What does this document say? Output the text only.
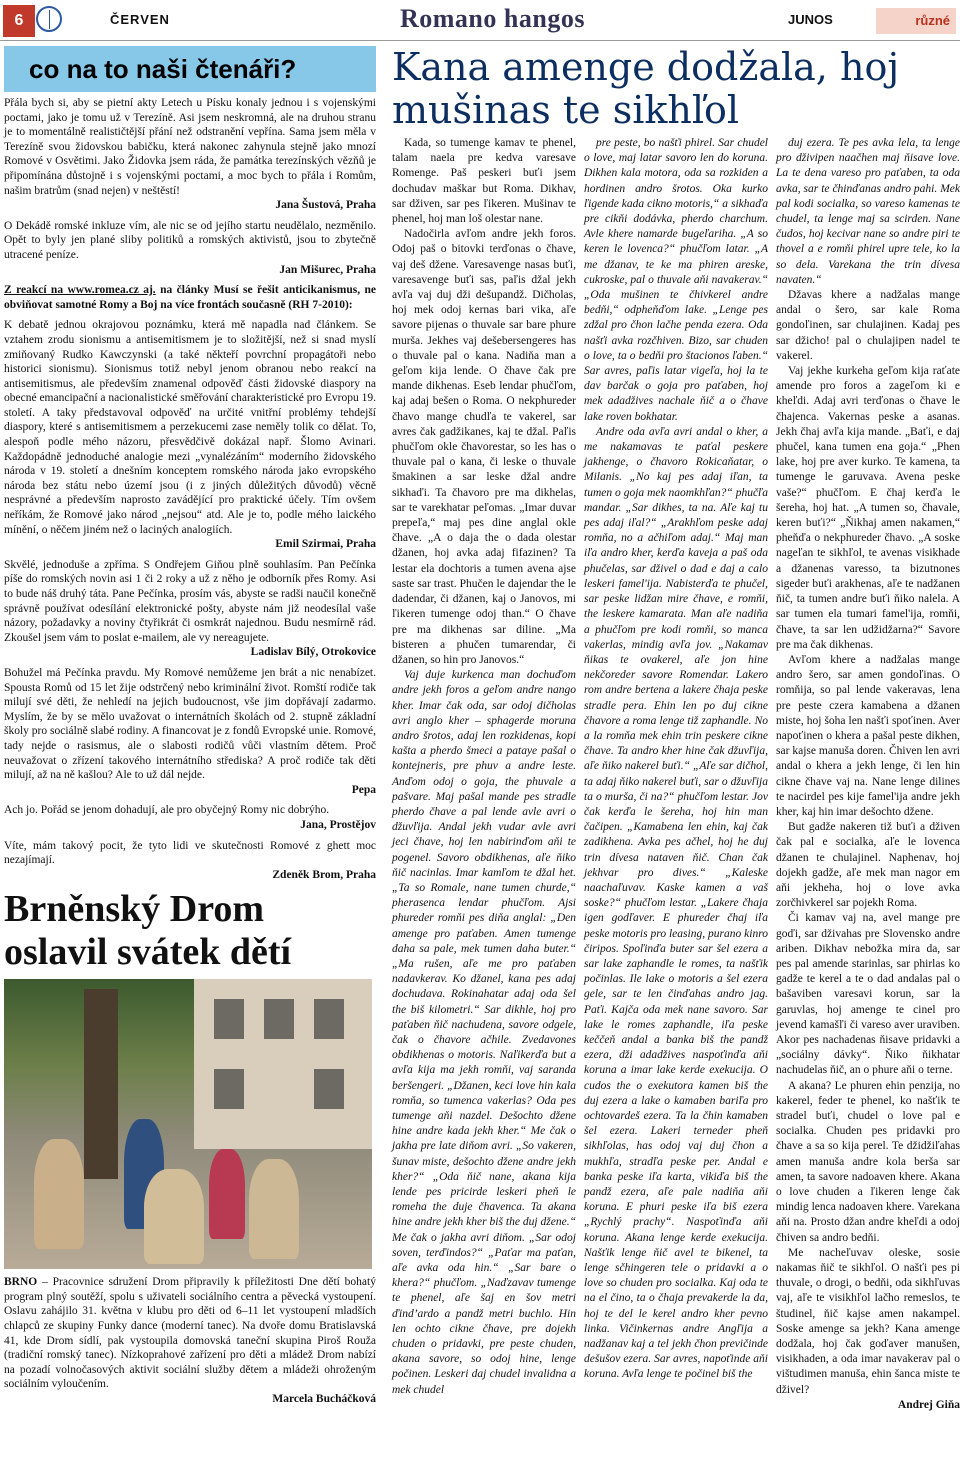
6	ČERVEN	Romano hangos	JUNOS	různé
co na to naši čtenáři?

Přála bych si, aby se pietní akty Letech u Písku konaly jednou i s vojenskými poctami, jako je tomu už v Terezíně. Asi jsem neskromná, ale na druhou stranu je to momentálně realističtější přání než odstranění vepřína. Sama jsem měla v Terezíně svou židovskou babičku, která nakonec zahynula stejně jako mnozí Romové v Osvětimi. Jako Židovka jsem ráda, že památka terezínských vězňů je připomínána důstojně i s vojenskými poctami, a moc bych to přála i Romům, našim bratrům (snad nejen) v neštěstí!
Jana Šustová, Praha

O Dekádě romské inkluze vím, ale nic se od jejího startu neudělalo, nezměnilo. Opět to byly jen plané sliby politiků a romských aktivistů, jsou to zbytečně utracené peníze.
Jan Mišurec, Praha

Z reakcí na www.romea.cz aj. na články Musí se řešit anticikanismus, ne obviňovat samotné Romy a Boj na více frontách současně (RH 7-2010):

K debatě jednou okrajovou poznámku, která mě napadla nad článkem. Se vztahem zrodu sionismu a antisemitismem je to složitější, než si snad myslí zmiňovaný Rudko Kawczynski (a také někteří povrchní propagátoři nebo historici sionismu). Sionismus totiž nebyl jenom obranou nebo reakcí na antisemitismus, ale především znamenal odpověď části židovské diaspory na obecné emancipační a nacionalistické směřování charakteristické pro Evropu 19. století. A taky představoval odpověď na určité vnitřní problémy tehdejší diaspory, které s antisemitismem a perzekucemi zase neměly tolik co dělat. To, alespoň podle mého názoru, přesvědčivě dokázal např. Šlomo Avinari. Každopádně jednoduché analogie mezi „vynalézáním“ moderního židovského národa v 19. století a dnešním konceptem romského národa jako evropského národa bez státu nebo území jsou (i z jiných důležitých důvodů) věcně nesprávné a především naprosto zavádějící pro praktické účely. Tím ovšem neříkám, že Romové jako národ „nejsou“ atd. Ale je to, podle mého laického mínění, o něčem jiném než o laciných analogiích.
Emil Szirmai, Praha

Skvělé, jednoduše a zpříma. S Ondřejem Giňou plně souhlasím. Pan Pečínka píše do romských novin asi 1 či 2 roky a už z něho je odborník přes Romy. Asi to bude náš druhý táta. Pane Pečínka, prosím vás, abyste se radši naučil konečně správně používat odesílání elektronické pošty, abyste nám již neodesílal vaše názory, požadavky a noviny čtyřikrát či osmkrát najednou. Budu nesmírně rád. Zkoušel jsem vám to poslat e-mailem, ale vy nereagujete.
Ladislav Bílý, Otrokovice

Bohužel má Pečínka pravdu. My Romové nemůžeme jen brát a nic nenabízet. Spousta Romů od 15 let žije odstrčený nebo kriminální život. Romští rodiče tak milují své děti, že nehledí na jejich budoucnost, vše jim dopřávají zadarmo. Myslím, že by se mělo uvažovat o internátních školách od 2. stupně základní školy pro sociálně slabé rodiny. A financovat je z fondů Evropské unie. Romové, tady nejde o rasismus, ale o slabosti rodičů vůči vlastním dětem. Proč neuvažovat o zřízení takového internátního střediska? A proč rodiče tak děti milují, až na ně kašlou? Ale to už dál nejde.
Pepa

Ach jo. Pořád se jenom dohadují, ale pro obyčejný Romy nic dobrýho.
Jana, Prostějov

Víte, mám takový pocit, že tyto lidi ve skutečnosti Romové z ghett moc nezajímají.
Zdeněk Brom, Praha

Brněnský Drom oslavil svátek dětí
BRNO – Pracovnice sdružení Drom připravily k příležitosti Dne dětí bohatý program plný soutěží, spolu s uživateli sociálního centra a pěvecká vystoupení. Oslavu zahájilo 31. května v klubu pro děti od 6–11 let vystoupení mladších chlapců ze skupiny Funky dance (moderní tanec). Na dvoře domu Bratislavská 41, kde Drom sídlí, pak vystoupila domovská taneční skupina Piroš Rouža (tradiční romský tanec). Nízkoprahové zařízení pro děti a mládež Drom nabízí na pozadí volnočasových aktivit sociální služby dětem a mládeži ohroženým sociálním vyloučením.
Marcela Bucháčková
Kana amenge dodžala, hoj mušinas te sikhľol

Kada, so tumenge kamav te phenel, talam naela pre kedva varesave Romenge. Paš peskeri buťi jsem dochudav maškar but Roma. Dikhav, sar dživen, sar pes ľikeren. Mušinav te phenel, hoj man loš olestar nane.

Nadočirla avľom andre jekh foros. Odoj paš o bitovki terďonas o čhave, vaj deš džene. Varesavenge nasas buťi, varesavenge buťi sas, paľis džal jekh avľa vaj duj dži dešupandž. Dičholas, hoj mek odoj kernas bari vika, aľe savore pijenas o thuvale sar bare phure murša. Jekhes vaj dešebersengeres has o thuvale pal o kana. Nadiňa man a geľom kija lende. O čhave čak pre mande dikhenas. Eseb lendar phučľom, kaj adaj bešen o Roma. O nekphureder čhavo mange chudľa te vakerel, sar avres čak gadžikanes, kaj te džal. Paľis phučľom okle čhavorestar, so les has o thuvale pal o kana, či leske o thuvale šmakinen a sar leske džal andre sikhaďi. Ta čhavoro pre ma dikhelas, sar te varekhatar peľomas. „Imar duvar prepeľa,“ maj pes dine anglal okle čhave. „A o daja the o dada olestar džanen, hoj avka adaj fifazinen? Ta lestar ela dochtoris a tumen avena ajse saste sar trast. Phučen le dajendar the le dadendar, či džanen, kaj o Janovos, mi ľikeren tumenge odoj than.“ O čhave pre ma dikhenas sar diline. „Ma bisteren a phučen tumarendar, či džanen, so hin pro Janovos.“

Vaj duje kurkenca man dochuďom andre jekh foros a geľom andre nango kher. Imar čak oda, sar odoj dičholas avri anglo kher – sphagerde moruna andro šrotos, adaj len rozkidenas, kopi kašta a pherdo šmeci a pataye pašal o kontejneris, pre phuv a andre leste. Anďom odoj o goja, the phuvale a pašvare. Maj pašal mande pes stradle pherdo čhave a pal lende avle avri o džuvľija. Andal jekh vudar avle avri jeci čhave, hoj len nabirinďom aňi te pogenel. Savoro obdikhenas, aľe ňiko ňič nacinlas. Imar kamľom te džal het. „Ta so Romale, nane tumen churde,“ pherasenca lendar phučľom. Ajsi phureder romňi pes diňa anglal: „Den amenge pro paťaben. Amen tumenge daha sa pale, mek tumen daha buter.“ „Ma rušen, aľe me pro paťaben nadavkerav. Ko džanel, kana pes adaj dochudava. Rokinahatar adaj oda šel the biš kilometri.“ Sar dikhle, hoj pro paťaben ňič nachudena, savore odgele, čak o čhavore ačhile. Zvedavones obdikhenas o motoris. Naľikerďa but a avľa kija ma jekh romňi, vaj saranda beršengeri. „Džanen, keci love hin kala romňa, so tumenca vakerlas? Oda pes tumenge aňi nazdel. Dešochto džene hine andre kada jekh kher.“ Me čak o jakha pre late diňom avri. „So vakeren, šunav miste, dešochto džene andre jekh kher?“ „Oda ňič nane, akana kija lende pes pricirde leskeri pheň le romeha the duje čhavenca. Ta akana hine andre jekh kher biš the duj džene.“ Me čak o jakha avri diňom. „Sar odoj soven, terďindos?“ „Paťar ma paťan, aľe avka oda hin.“ „Sar bare o khera?“ phučľom. „Naďzavav tumenge te phenel, aľe šaj en šov metri ďind’ardo a pandž metri buchlo. Hin len ochto cikne čhave, pre dojekh chuden o pridavki, pre peste chuden, akana savore, so odoj hine, lenge počinen. Leskeri daj chudel invalidna a mek chudel

pre peste, bo našťi phirel. Sar chudel o love, maj latar savoro len do koruna. Dikhen kala motora, oda sa rozkiden a hordinen andro šrotos. Oka kurko ľigende kada cikno motoris,“ a sikhaďa pre cikňi dodávka, pherdo charchum. Avle khere namarde bugeľariha. „A so keren le lovenca?“ phučľom latar. „A me džanav, te ke ma phiren areske, cukroske, pal o thuvale aňi navakerav.“ „Oda mušinen te čhivkerel andre bedňi,“ odpheňďom lake. „Lenge pes zdžal pro čhon lačhe penda ezera. Oda našťi avka rozčhiven. Bizo, sar chuden o love, ta o bedňi pro štacionos ľaben.“ Sar avres, paľis latar vigeľa, hoj la te dav barčak o goja pro paťaben, hoj mek adadžives nachale ňič a o čhave lake roven bokhatar.

Andre oda avľa avri andal o kher, a me nakamavas te paťal peskere jakhenge, o čhavoro Rokicaňatar, o Milanis. „No kaj pes adaj iľan, ta tumen o goja mek naomkhľan?“ phučľa mandar. „Sar dikhes, ta na. Aľe kaj tu pes adaj iľal?“ „Arakhľom peske adaj romňa, no a ačhiľom adaj.“ Maj man iľa andro kher, kerďa kaveja a paš oda phučelas, sar dživel o dad e daj a calo leskeri famel'ija. Nabisterďa te phučel, sar peske lidžan mire čhave, e romňi, the leskere kamarata. Man aľe nadiňa a phučľom pre kodi romňi, so mancа vakerlas, mindig avľa jov. „Nakamav ňikas te ovakerel, aľe jon hine nekčoreder savore Romendar. Lakero rom andre bertena a lakere čhaja peske stradle pera. Ehin len po duj cikne čhavore a roma lenge tiž zaphandle. No a la romňa mek ehin trin peskere cikne čhave. Ta andro kher hine čak džuvľija, aľe ňiko nakerel buťi.“ „Aľe sar dičhol, ta adaj ňiko nakerel buťi, sar o džuvľija ta o murša, či na?“ phučľom lestar. Jov čak kerďa le šereha, hoj hin man čačipen. „Kamabena len ehin, kaj čak zadikhena. Avka pes ačhel, hoj he duj trin dívesa nataven ňič. Chan čak jekhvar pro dives.“ „Kaleske naachaľuvav. Kaske kamen a vaš soske?“ phučľom lestar. „Lakere čhaja igen godľaver. E phureder čhaj iľa peske motoris pro leasing, purano kinro čiripos. Spoľinďa buter sar šel ezera a sar lake zaphandle le romes, ta našťik počinlas. Ile lake o motoris a šel ezera gele, sar te len činďahas andro jag. Paťi. Kajča oda mek nane savoro. Sar lake le romes zaphandle, iľa peske keččeň andal a banka biš the pandž ezera, dži adadžives naspoťinďa aňi koruna a imar lake kerde exekucija. O cudos the o exekutora kamen biš the duj ezera a lake o kamaben bariľa pro ochtovardeš ezera. Ta la čhin kamaben šel ezera. Lakeri terneder pheň sikhľolas, has odoj vaj duj čhon a mukhľa, stradľa peske per. Andal e banka peske iľa karta, vikiďa biš the pandž ezera, aľe pale nadiňa aňi koruna. E phuri peske iľa biš ezera „Rychlý prachy“. Naspoťinďa aňi koruna. Akana lenge kerde exekucija. Našťik lenge ňič avel te bikenel, ta lenge sčhingeren tele o pridavki a o love so chuden pro socialka. Kaj oda te na el čino, ta o čhaja prevakerde la da, hoj te del le kerel andro kher pevno linka. Vičinkernas andre Angľija a nadžanav kaj a tel jekh čhon previčinde dešušov ezera. Sar avres, napoťinde aňi koruna. Avľa lenge te počinel biš the

duj ezera. Te pes avka lela, ta lenge pro dživipen naačhen maj ňisave love. La te dena vareso pro paťaben, ta oda avka, sar te čhinďanas andro pahi. Mek pal kodi socialka, so vareso kamenas te chudel, ta lenge maj sa scirden. Nane čudos, hoj kecivar nane so andre piri te thovel a e romňi phirel upre tele, ko la so dela. Varekana the trin dívesa navaten.“

Džavas khere a nadžalas mange andal o šero, sar kale Roma gondoľinen, sar chulajinen. Kadaj pes sar džicho! pal o chulajipen nadel te vakerel.

Vaj jekhe kurkeha geľom kija raťate amende pro foros a zageľom ki e kheľdi. Adaj avri terďonas o čhave le čhajenca. Vakernas peske a asanas. Jekh čhaj avľa kija mande. „Baťi, e daj phučel, kana tumen ena goja.“ „Phen lake, hoj pre aver kurko. Te kamena, ta tumenge le garuvava. Avena peske vaše?“ phučľom. E čhaj kerďa le šereha, hoj hat. „A tumen so, čhavale, keren buťi?“ „Ňikhaj amen nakamen,“ pheňďa o nekphureder čhavo. „A soske nageľan te sikhľol, te avenas visikhade a džanenas varesso, ta bizutnones sigeder buťi arakhenas, aľe te nadžanen ňič, ta tumen andre buťi ňiko nalela. A sar tumen ela tumari famel'ija, romňi, čhave, ta sar len udžidžarna?“ Savore pre ma čak dikhenas.

Avľom khere a nadžalas mange andro šero, sar amen gondoľinas. O romňija, so pal lende vakeravas, lena pre peste czera kamabena a džanen miste, hoj šoha len našťi spoťinen. Aver napoťinen o khera a pašal peste dikhen, sar kajse manuša doren. Čhiven len avri andal o khera a jekh lenge, či len hin cikne čhave vaj na. Nane lenge dilines te nacirdel pes kije famel'ija andre jekh kher, kaj hin imar dešochto džene.

But gadže nakeren tiž buťi a dživen čak pal e socialka, aľe le lovenca džanen te chulajinel. Naphenav, hoj dojekh gadže, aľe mek man nagor em aňi jekheha, hoj o love avka zorčhivkerel sar pojekh Roma.

Či kamav vaj na, avel mange pre goďi, sar dživahas pre Slovensko andre ariben. Dikhav nebožka mira da, sar pes pal amende starinlas, sar phirlas ko gadže te kerel a te o dad andalas pal o bašaviben varesavi korun, sar la garuvlas, hoj amenge te cinel pro jevend kamašľi či vareso aver uraviben. Akor pes nachadenas ňisave pridavki a „sociálny dávky“. Ňiko ňikhatar nachudelas ňič, an o phure aňi o terne.

A akana? Le phuren ehin penzija, no kakerel, feder te phenel, ko našťik te stradel buťi, chudel o love pal e socialka. Chuden pes pridavki pro čhave a sa so kija perel. Te džidžiľahas amen manuša andre kola berša sar amen, ta savore nadoaven khere. Akana o love chuden a ľikeren lenge čak mindig lenca nadoaven khere. Varekana aňi na. Prosto džan andre kheľdi a odoj čhiven sa andro bedňi.

Me nacheľuvav oleske, sosie nakamas ňič te sikhľol. O našťi pes pi thuvale, o drogi, o bedňi, oda sikhľuvas vaj, aľe te visikhľol lačho remeslos, te študinel, ňič kajse amen nakampel. Soske amenge sa jekh? Kana amenge dodžala, hoj čak goďaver manušen, visikhaden, a oda imar navakerav pal o vištudimen manuša, ehin šanca miste te dživel?

Andrej Giňa
